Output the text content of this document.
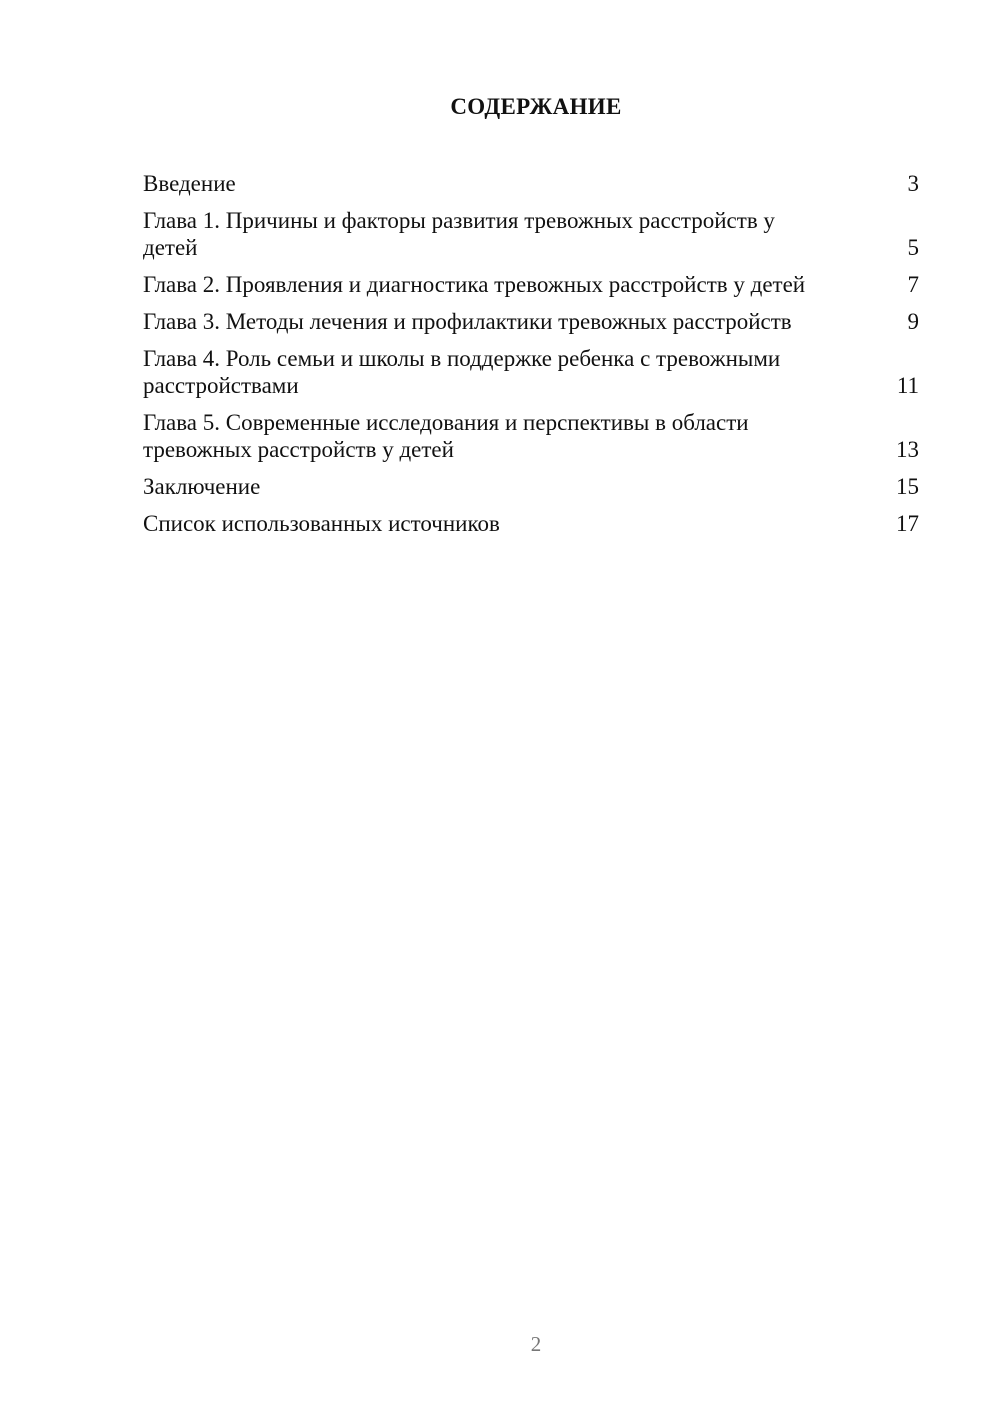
СОДЕРЖАНИЕ
Введение	3
Глава 1. Причины и факторы развития тревожных расстройств у детей	5
Глава 2. Проявления и диагностика тревожных расстройств у детей	7
Глава 3. Методы лечения и профилактики тревожных расстройств	9
Глава 4. Роль семьи и школы в поддержке ребенка с тревожными расстройствами	11
Глава 5. Современные исследования и перспективы в области тревожных расстройств у детей	13
Заключение	15
Список использованных источников	17
2
